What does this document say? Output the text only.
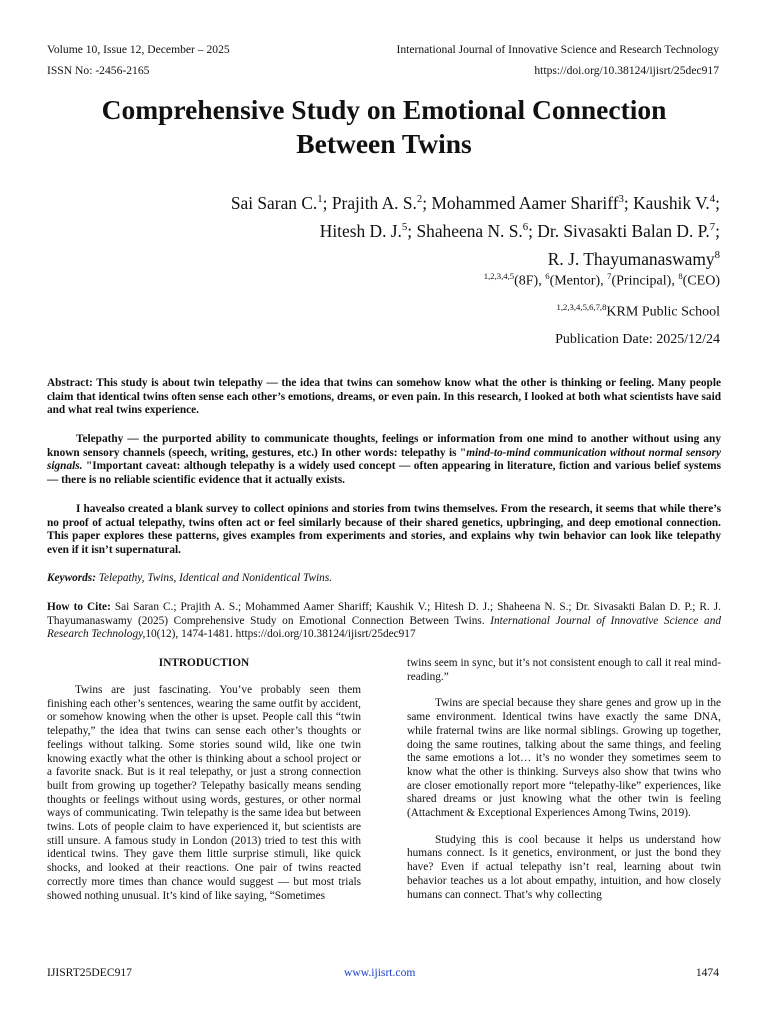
Volume 10, Issue 12, December – 2025	International Journal of Innovative Science and Research Technology
ISSN No: -2456-2165	https://doi.org/10.38124/ijisrt/25dec917
Comprehensive Study on Emotional Connection
Between Twins
Sai Saran C.$^1$; Prajith A. S.$^2$; Mohammed Aamer Shariff$^3$; Kaushik V.$^4$;
Hitesh D. J.$^5$; Shaheena N. S.$^6$; Dr. Sivasakti Balan D. P.$^7$;
R. J. Thayumanaswamy$^8$
$^{1,2,3,4,5}$(8F), $^6$(Mentor), $^7$(Principal), $^8$(CEO)
$^{1,2,3,4,5,6,7,8}$KRM Public School
Publication Date: 2025/12/24
Abstract: This study is about twin telepathy — the idea that twins can somehow know what the other is thinking or feeling. Many people claim that identical twins often sense each other’s emotions, dreams, or even pain. In this research, I looked at both what scientists have said and what real twins experience.
Telepathy — the purported ability to communicate thoughts, feelings or information from one mind to another without using any known sensory channels (speech, writing, gestures, etc.) In other words: telepathy is "mind-to-mind communication without normal sensory signals. "Important caveat: although telepathy is a widely used concept — often appearing in literature, fiction and various belief systems — there is no reliable scientific evidence that it actually exists.
I havealso created a blank survey to collect opinions and stories from twins themselves. From the research, it seems that while there’s no proof of actual telepathy, twins often act or feel similarly because of their shared genetics, upbringing, and deep emotional connection. This paper explores these patterns, gives examples from experiments and stories, and explains why twin behavior can look like telepathy even if it isn’t supernatural.
Keywords: Telepathy, Twins, Identical and Nonidentical Twins.
How to Cite: Sai Saran C.; Prajith A. S.; Mohammed Aamer Shariff; Kaushik V.; Hitesh D. J.; Shaheena N. S.; Dr. Sivasakti Balan D. P.; R. J. Thayumanaswamy (2025) Comprehensive Study on Emotional Connection Between Twins. International Journal of Innovative Science and Research Technology,10(12), 1474-1481. https://doi.org/10.38124/ijisrt/25dec917
INTRODUCTION

Twins are just fascinating. You’ve probably seen them finishing each other’s sentences, wearing the same outfit by accident, or somehow knowing when the other is upset. People call this “twin telepathy,” the idea that twins can sense each other’s thoughts or feelings without talking. Some stories sound wild, like one twin knowing exactly what the other is thinking about a school project or a favorite snack. But is it real telepathy, or just a strong connection built from growing up together? Telepathy basically means sending thoughts or feelings without using words, gestures, or other normal ways of communicating. Twin telepathy is the same idea but between twins. Lots of people claim to have experienced it, but scientists are still unsure. A famous study in London (2013) tried to test this with identical twins. They gave them little surprise stimuli, like quick shocks, and looked at their reactions. One pair of twins reacted correctly more times than chance would suggest — but most trials showed nothing unusual. It’s kind of like saying, “Sometimes

twins seem in sync, but it’s not consistent enough to call it real mind-reading.”

Twins are special because they share genes and grow up in the same environment. Identical twins have exactly the same DNA, while fraternal twins are like normal siblings. Growing up together, doing the same routines, talking about the same things, and feeling the same emotions a lot… it’s no wonder they sometimes seem to know what the other is thinking. Surveys also show that twins who are closer emotionally report more “telepathy-like” experiences, like shared dreams or just knowing what the other twin is feeling (Attachment & Exceptional Experiences Among Twins, 2019).

Studying this is cool because it helps us understand how humans connect. Is it genetics, environment, or just the bond they have? Even if actual telepathy isn’t real, learning about twin behavior teaches us a lot about empathy, intuition, and how closely humans can connect. That’s why collecting

IJISRT25DEC917	www.ijisrt.com	1474
